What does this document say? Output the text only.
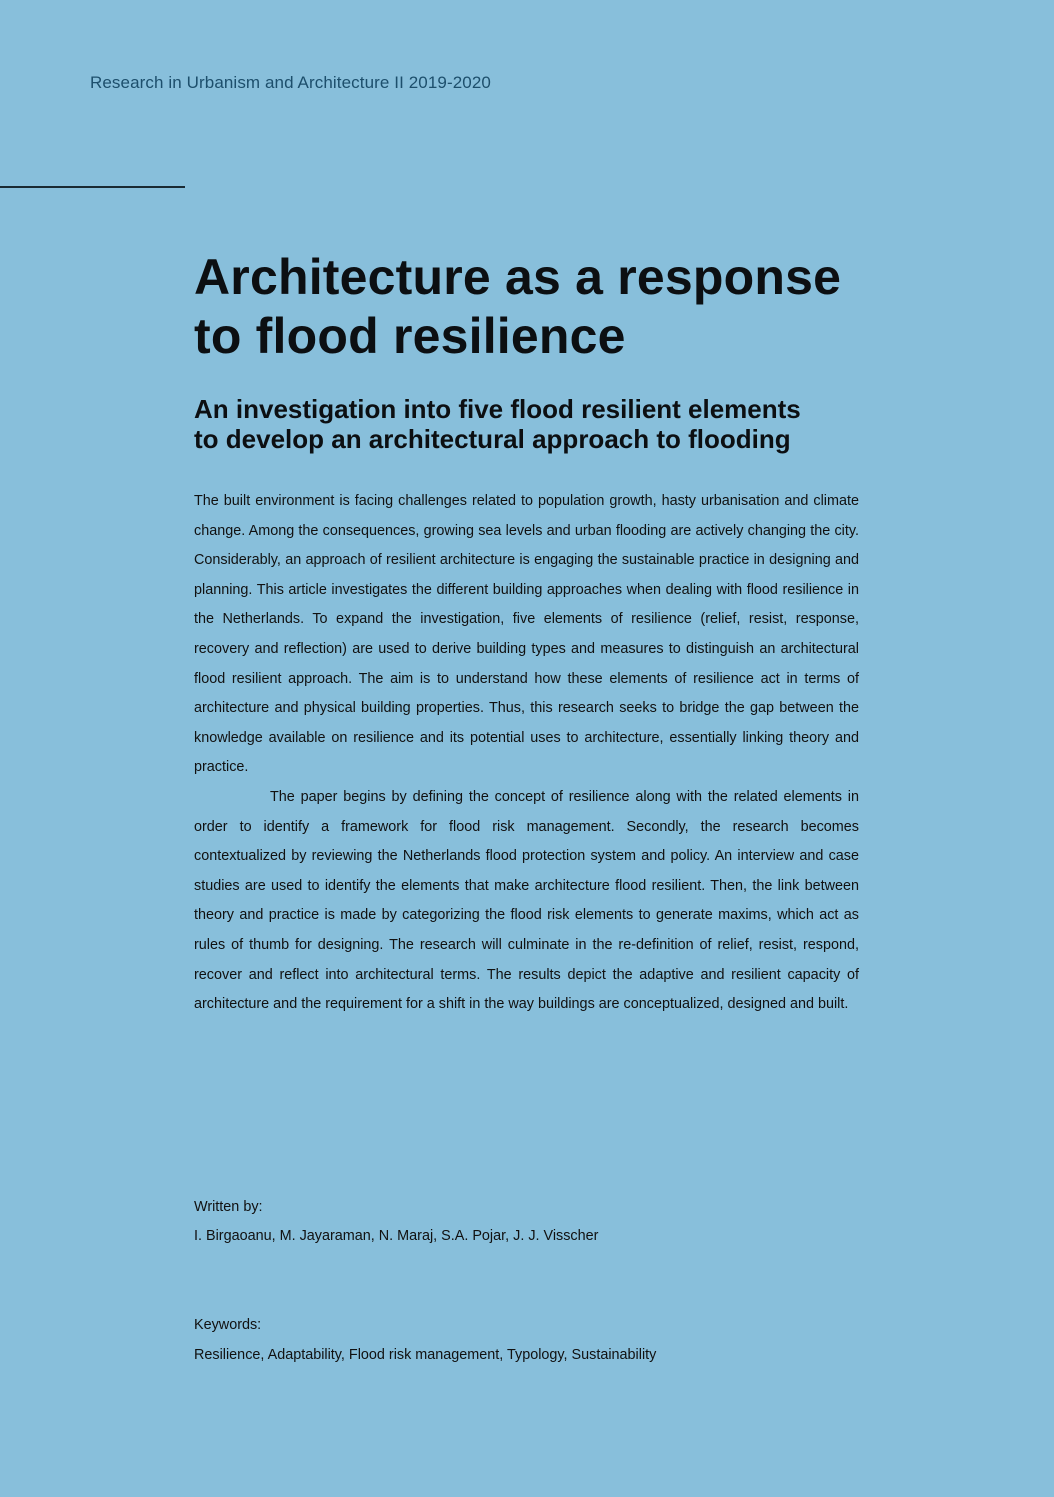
Research in Urbanism and Architecture II 2019-2020
Architecture as a response
to flood resilience
An investigation into five flood resilient elements
to develop an architectural approach to flooding

The built environment is facing challenges related to population growth, hasty urbanisation and climate change. Among the consequences, growing sea levels and urban flooding are actively changing the city. Considerably, an approach of resilient architecture is engaging the sustainable practice in designing and planning. This article investigates the different building approaches when dealing with flood resilience in the Netherlands. To expand the investigation, five elements of resilience (relief, resist, response, recovery and reflection) are used to derive building types and measures to distinguish an architectural flood resilient approach. The aim is to understand how these elements of resilience act in terms of architecture and physical building properties. Thus, this research seeks to bridge the gap between the knowledge available on resilience and its potential uses to architecture, essentially linking theory and practice.

The paper begins by defining the concept of resilience along with the related elements in order to identify a framework for flood risk management. Secondly, the research becomes contextualized by reviewing the Netherlands flood protection system and policy. An interview and case studies are used to identify the elements that make architecture flood resilient. Then, the link between theory and practice is made by categorizing the flood risk elements to generate maxims, which act as rules of thumb for designing. The research will culminate in the re-definition of relief, resist, respond, recover and reflect into architectural terms. The results depict the adaptive and resilient capacity of architecture and the requirement for a shift in the way buildings are conceptualized, designed and built.

Written by:
I. Birgaoanu, M. Jayaraman, N. Maraj, S.A. Pojar, J. J. Visscher
Keywords:
Resilience, Adaptability, Flood risk management, Typology, Sustainability
